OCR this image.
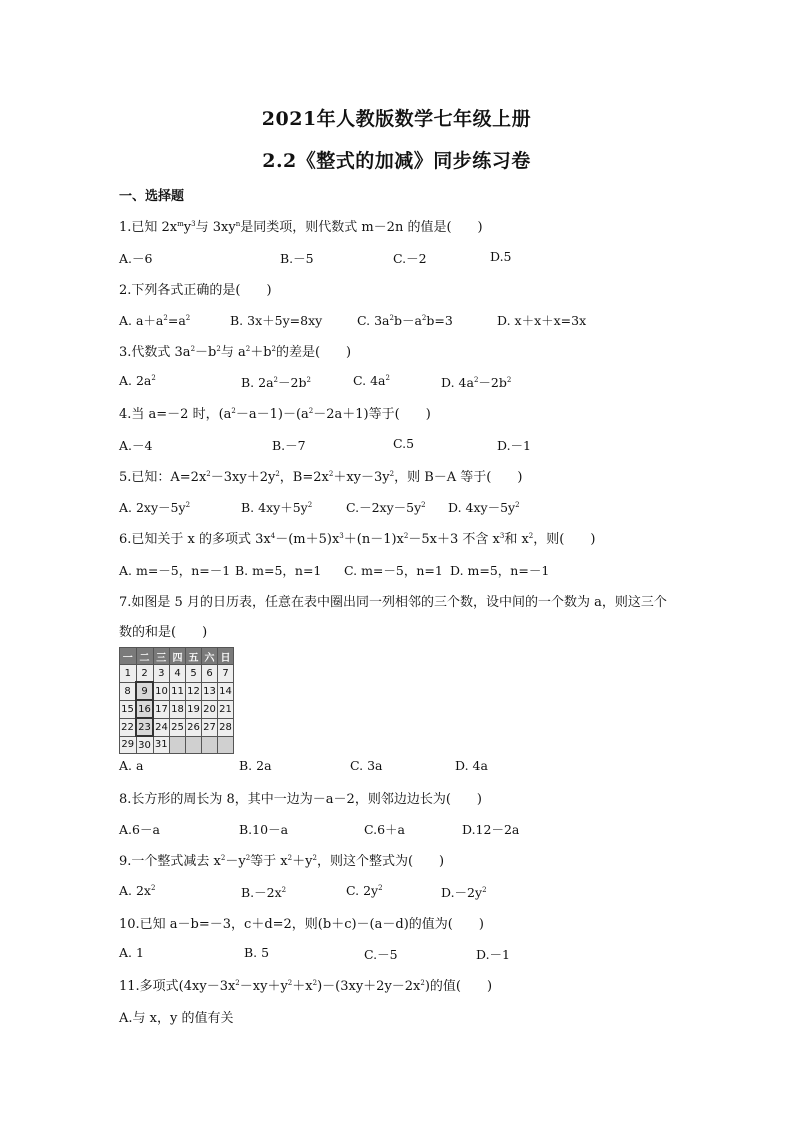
2021年人教版数学七年级上册
2.2《整式的加减》同步练习卷
一、选择题
1.已知 $2x^my^3$与 $3xy^n$是同类项，则代数式 m－2n 的值是(　　)
A.－6	B.－5	C.－2	D.5
2.下列各式正确的是(　　)
A. $a+a^2=a^2$	B. 3x＋5y=8xy	C. $3a^2b-a^2b=3$	D. x＋x＋x=3x
3.代数式 $3a^2-b^2$与 $a^2+b^2$的差是(　　)
A. $2a^2$	B. $2a^2-2b^2$	C. $4a^2$	D. $4a^2-2b^2$
4.当 a=－2 时，$(a^2-a-1)-(a^2-2a+1)$等于(　　)
A.－4	B.－7	C.5	D.－1
5.已知：$A=2x^2-3xy+2y^2$，$B=2x^2+xy-3y^2$，则 B－A 等于(　　)
A. $2xy-5y^2$	B. $4xy+5y^2$	$C.-2xy-5y^2$ D. $4xy-5y^2$
6.已知关于 x 的多项式 $3x^4-(m+5)x^3+(n-1)x^2-5x+3$ 不含 $x^3$和 $x^2$，则(　　)
A. m=－5，n=－1 B. m=5，n=1 C. m=－5，n=1 D. m=5，n=－1
7.如图是 5 月的日历表，任意在表中圈出同一列相邻的三个数，设中间的一个数为 a，则这三个
数的和是(　　)
一	二	三	四	五	六	日
1	2	3	4	5	6	7
8	9	10	11	12	13	14
15	16	17	18	19	20	21
22	23	24	25	26	27	28
29	30	31				
A. a	B. 2a	C. 3a	D. 4a
8.长方形的周长为 8，其中一边为－a－2，则邻边边长为(　　)
A.6－a	B.10－a	C.6＋a	D.12－2a
9.一个整式减去 $x^2-y^2$等于 $x^2+y^2$，则这个整式为(　　)
A. $2x^2$	$B.-2x^2$	C. $2y^2$	$D.-2y^2$
10.已知 a－b=－3，c＋d=2，则(b＋c)－(a－d)的值为(　　)
A. 1	B. 5	C.－5	D.－1
11.多项式$(4xy-3x^2-xy+y^2+x^2)-(3xy+2y-2x^2)$的值(　　)
A.与 x，y 的值有关
